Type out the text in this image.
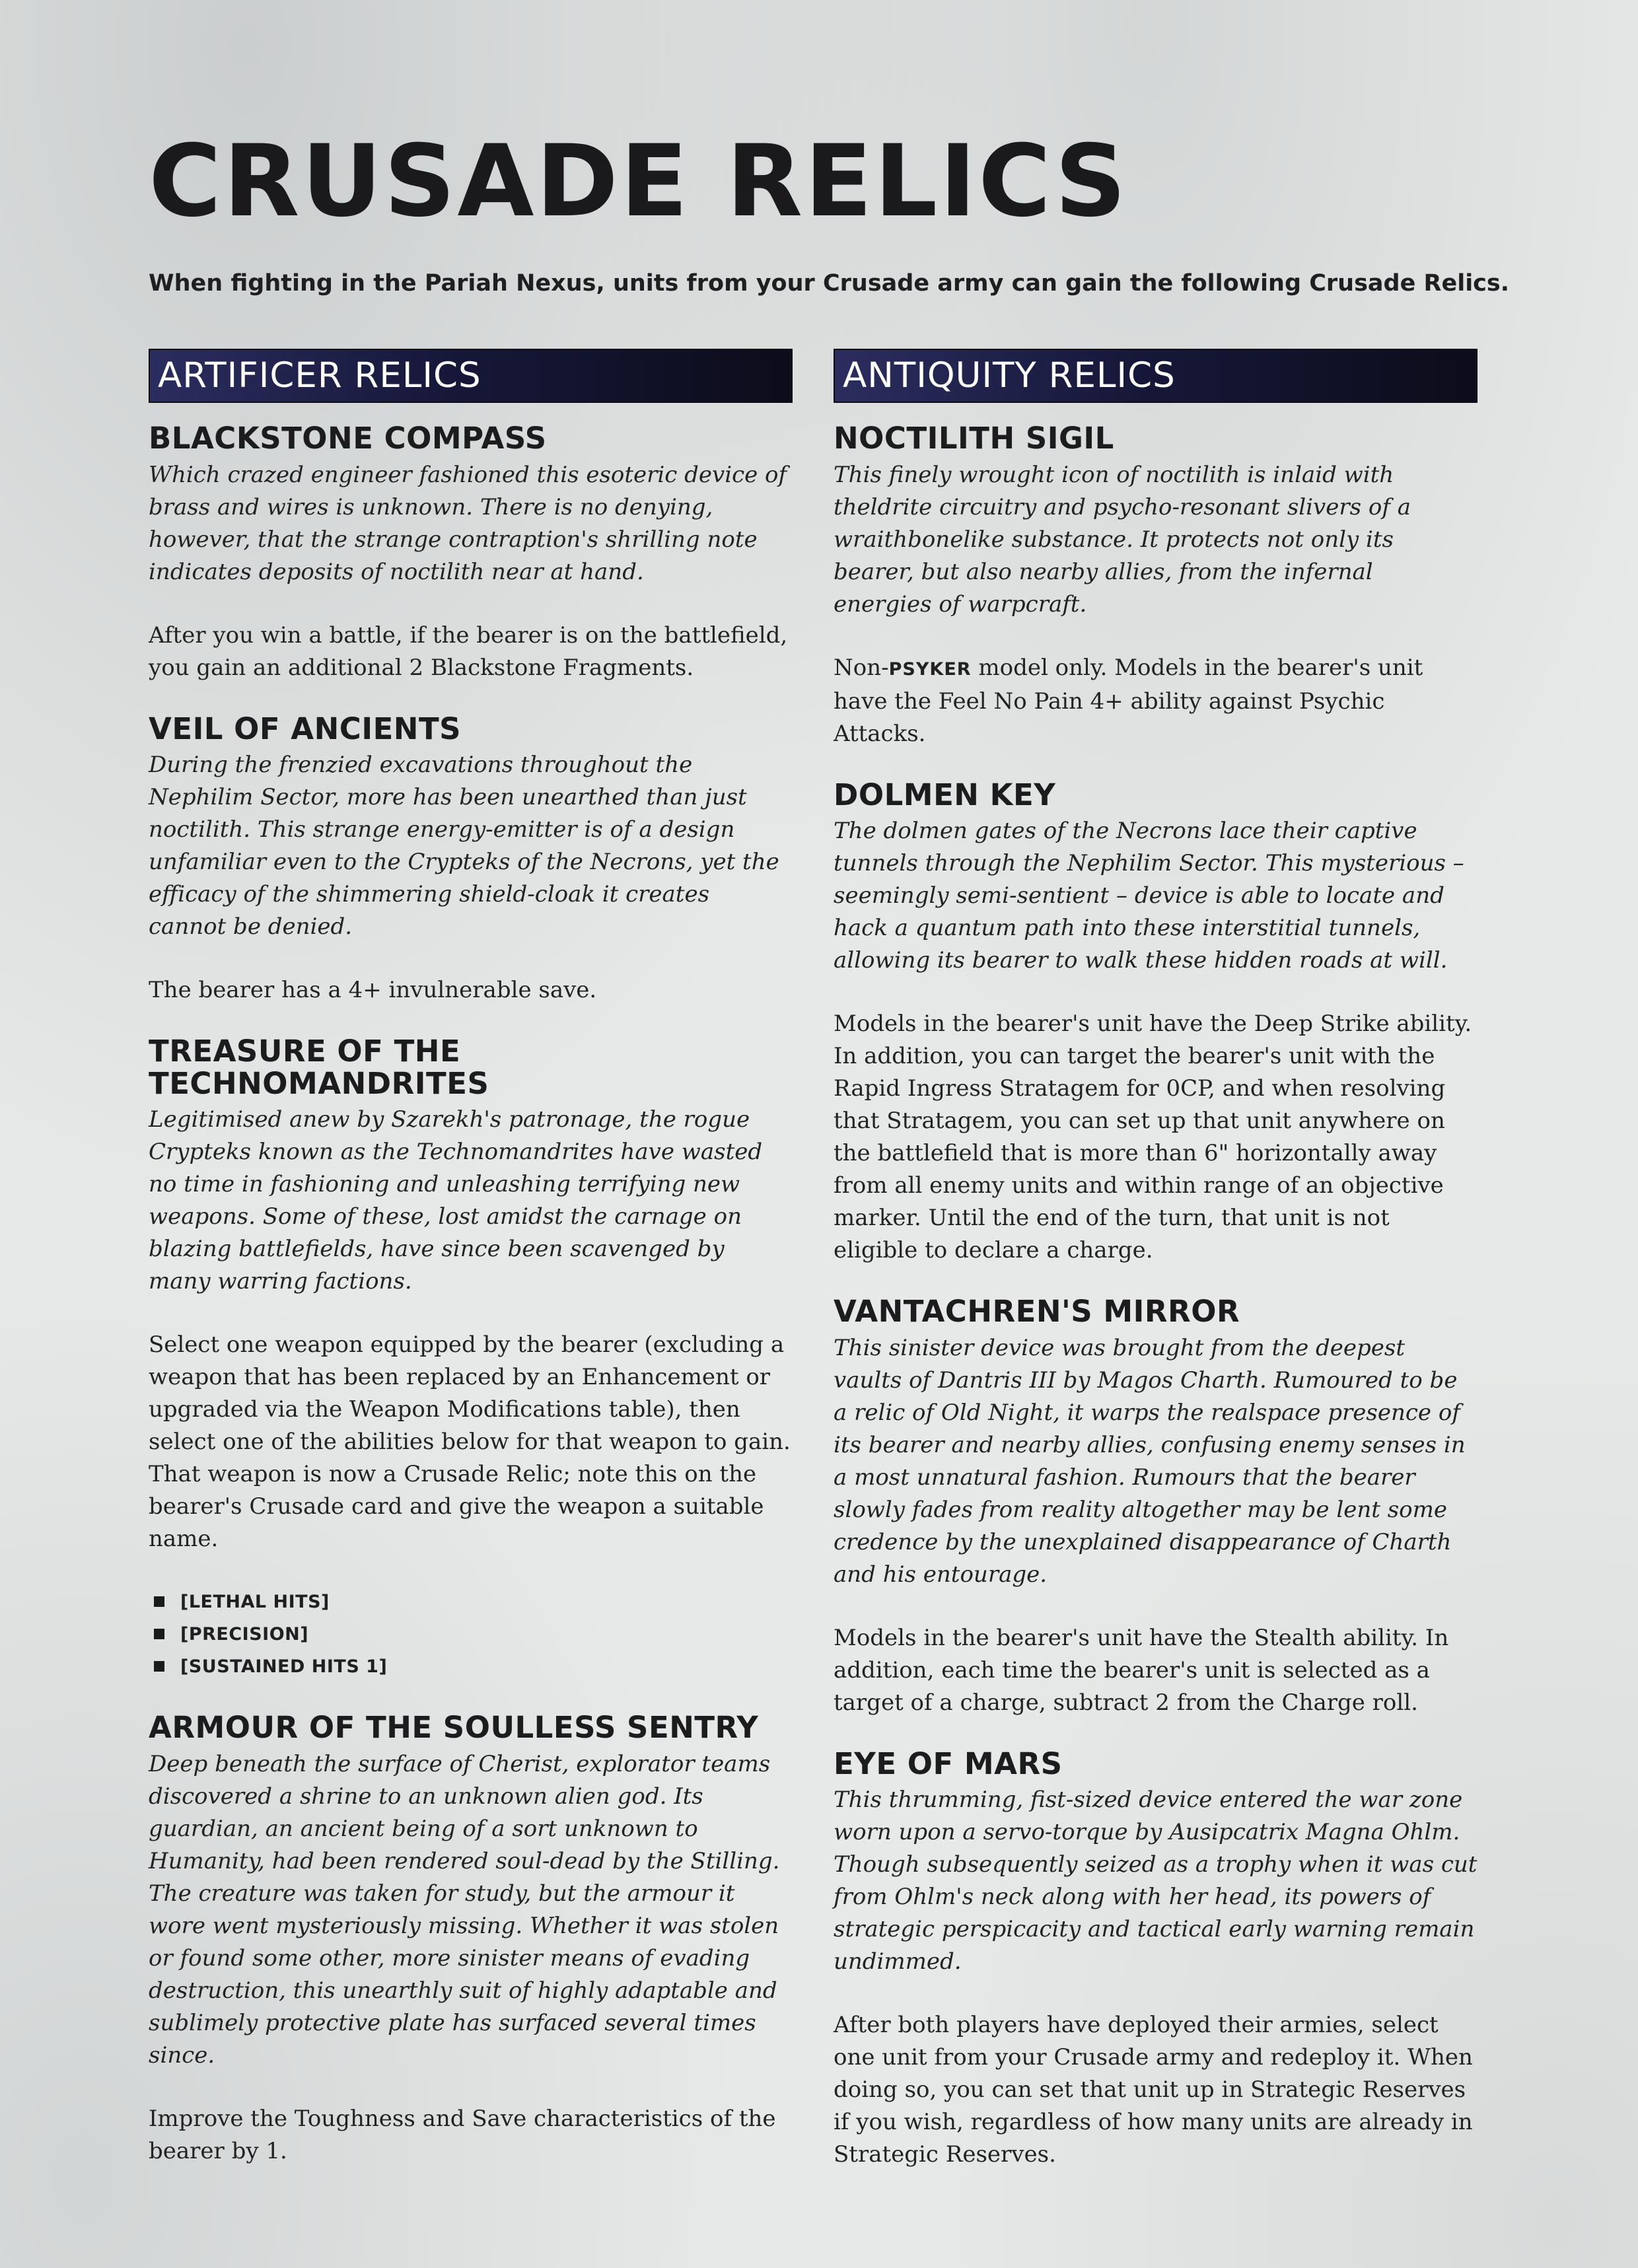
CRUSADE RELICS

When fighting in the Pariah Nexus, units from your Crusade army can gain the following Crusade Relics.

ARTIFICER RELICS
BLACKSTONE COMPASS

Which crazed engineer fashioned this esoteric device of brass and wires is unknown. There is no denying, however, that the strange contraption's shrilling note indicates deposits of noctilith near at hand.

After you win a battle, if the bearer is on the battlefield, you gain an additional 2 Blackstone Fragments.

VEIL OF ANCIENTS

During the frenzied excavations throughout the Nephilim Sector, more has been unearthed than just noctilith. This strange energy-emitter is of a design unfamiliar even to the Crypteks of the Necrons, yet the efficacy of the shimmering shield-cloak it creates cannot be denied.

The bearer has a 4+ invulnerable save.

TREASURE OF THE TECHNOMANDRITES

Legitimised anew by Szarekh's patronage, the rogue Crypteks known as the Technomandrites have wasted no time in fashioning and unleashing terrifying new weapons. Some of these, lost amidst the carnage on blazing battlefields, have since been scavenged by many warring factions.

Select one weapon equipped by the bearer (excluding a weapon that has been replaced by an Enhancement or upgraded via the Weapon Modifications table), then select one of the abilities below for that weapon to gain. That weapon is now a Crusade Relic; note this on the bearer's Crusade card and give the weapon a suitable name.

[LETHAL HITS]
[PRECISION]
[SUSTAINED HITS 1]
ARMOUR OF THE SOULLESS SENTRY

Deep beneath the surface of Cherist, explorator teams discovered a shrine to an unknown alien god. Its guardian, an ancient being of a sort unknown to Humanity, had been rendered soul-dead by the Stilling. The creature was taken for study, but the armour it wore went mysteriously missing. Whether it was stolen or found some other, more sinister means of evading destruction, this unearthly suit of highly adaptable and sublimely protective plate has surfaced several times since.

Improve the Toughness and Save characteristics of the bearer by 1.

ANTIQUITY RELICS
NOCTILITH SIGIL

This finely wrought icon of noctilith is inlaid with theldrite circuitry and psycho-resonant slivers of a wraithbonelike substance. It protects not only its bearer, but also nearby allies, from the infernal energies of warpcraft.

Non-PSYKER model only. Models in the bearer's unit have the Feel No Pain 4+ ability against Psychic Attacks.

DOLMEN KEY

The dolmen gates of the Necrons lace their captive tunnels through the Nephilim Sector. This mysterious – seemingly semi-sentient – device is able to locate and hack a quantum path into these interstitial tunnels, allowing its bearer to walk these hidden roads at will.

Models in the bearer's unit have the Deep Strike ability. In addition, you can target the bearer's unit with the Rapid Ingress Stratagem for 0CP, and when resolving that Stratagem, you can set up that unit anywhere on the battlefield that is more than 6" horizontally away from all enemy units and within range of an objective marker. Until the end of the turn, that unit is not eligible to declare a charge.

VANTACHREN'S MIRROR

This sinister device was brought from the deepest vaults of Dantris III by Magos Charth. Rumoured to be a relic of Old Night, it warps the realspace presence of its bearer and nearby allies, confusing enemy senses in a most unnatural fashion. Rumours that the bearer slowly fades from reality altogether may be lent some credence by the unexplained disappearance of Charth and his entourage.

Models in the bearer's unit have the Stealth ability. In addition, each time the bearer's unit is selected as a target of a charge, subtract 2 from the Charge roll.

EYE OF MARS

This thrumming, fist-sized device entered the war zone worn upon a servo-torque by Ausipcatrix Magna Ohlm. Though subsequently seized as a trophy when it was cut from Ohlm's neck along with her head, its powers of strategic perspicacity and tactical early warning remain undimmed.

After both players have deployed their armies, select one unit from your Crusade army and redeploy it. When doing so, you can set that unit up in Strategic Reserves if you wish, regardless of how many units are already in Strategic Reserves.
